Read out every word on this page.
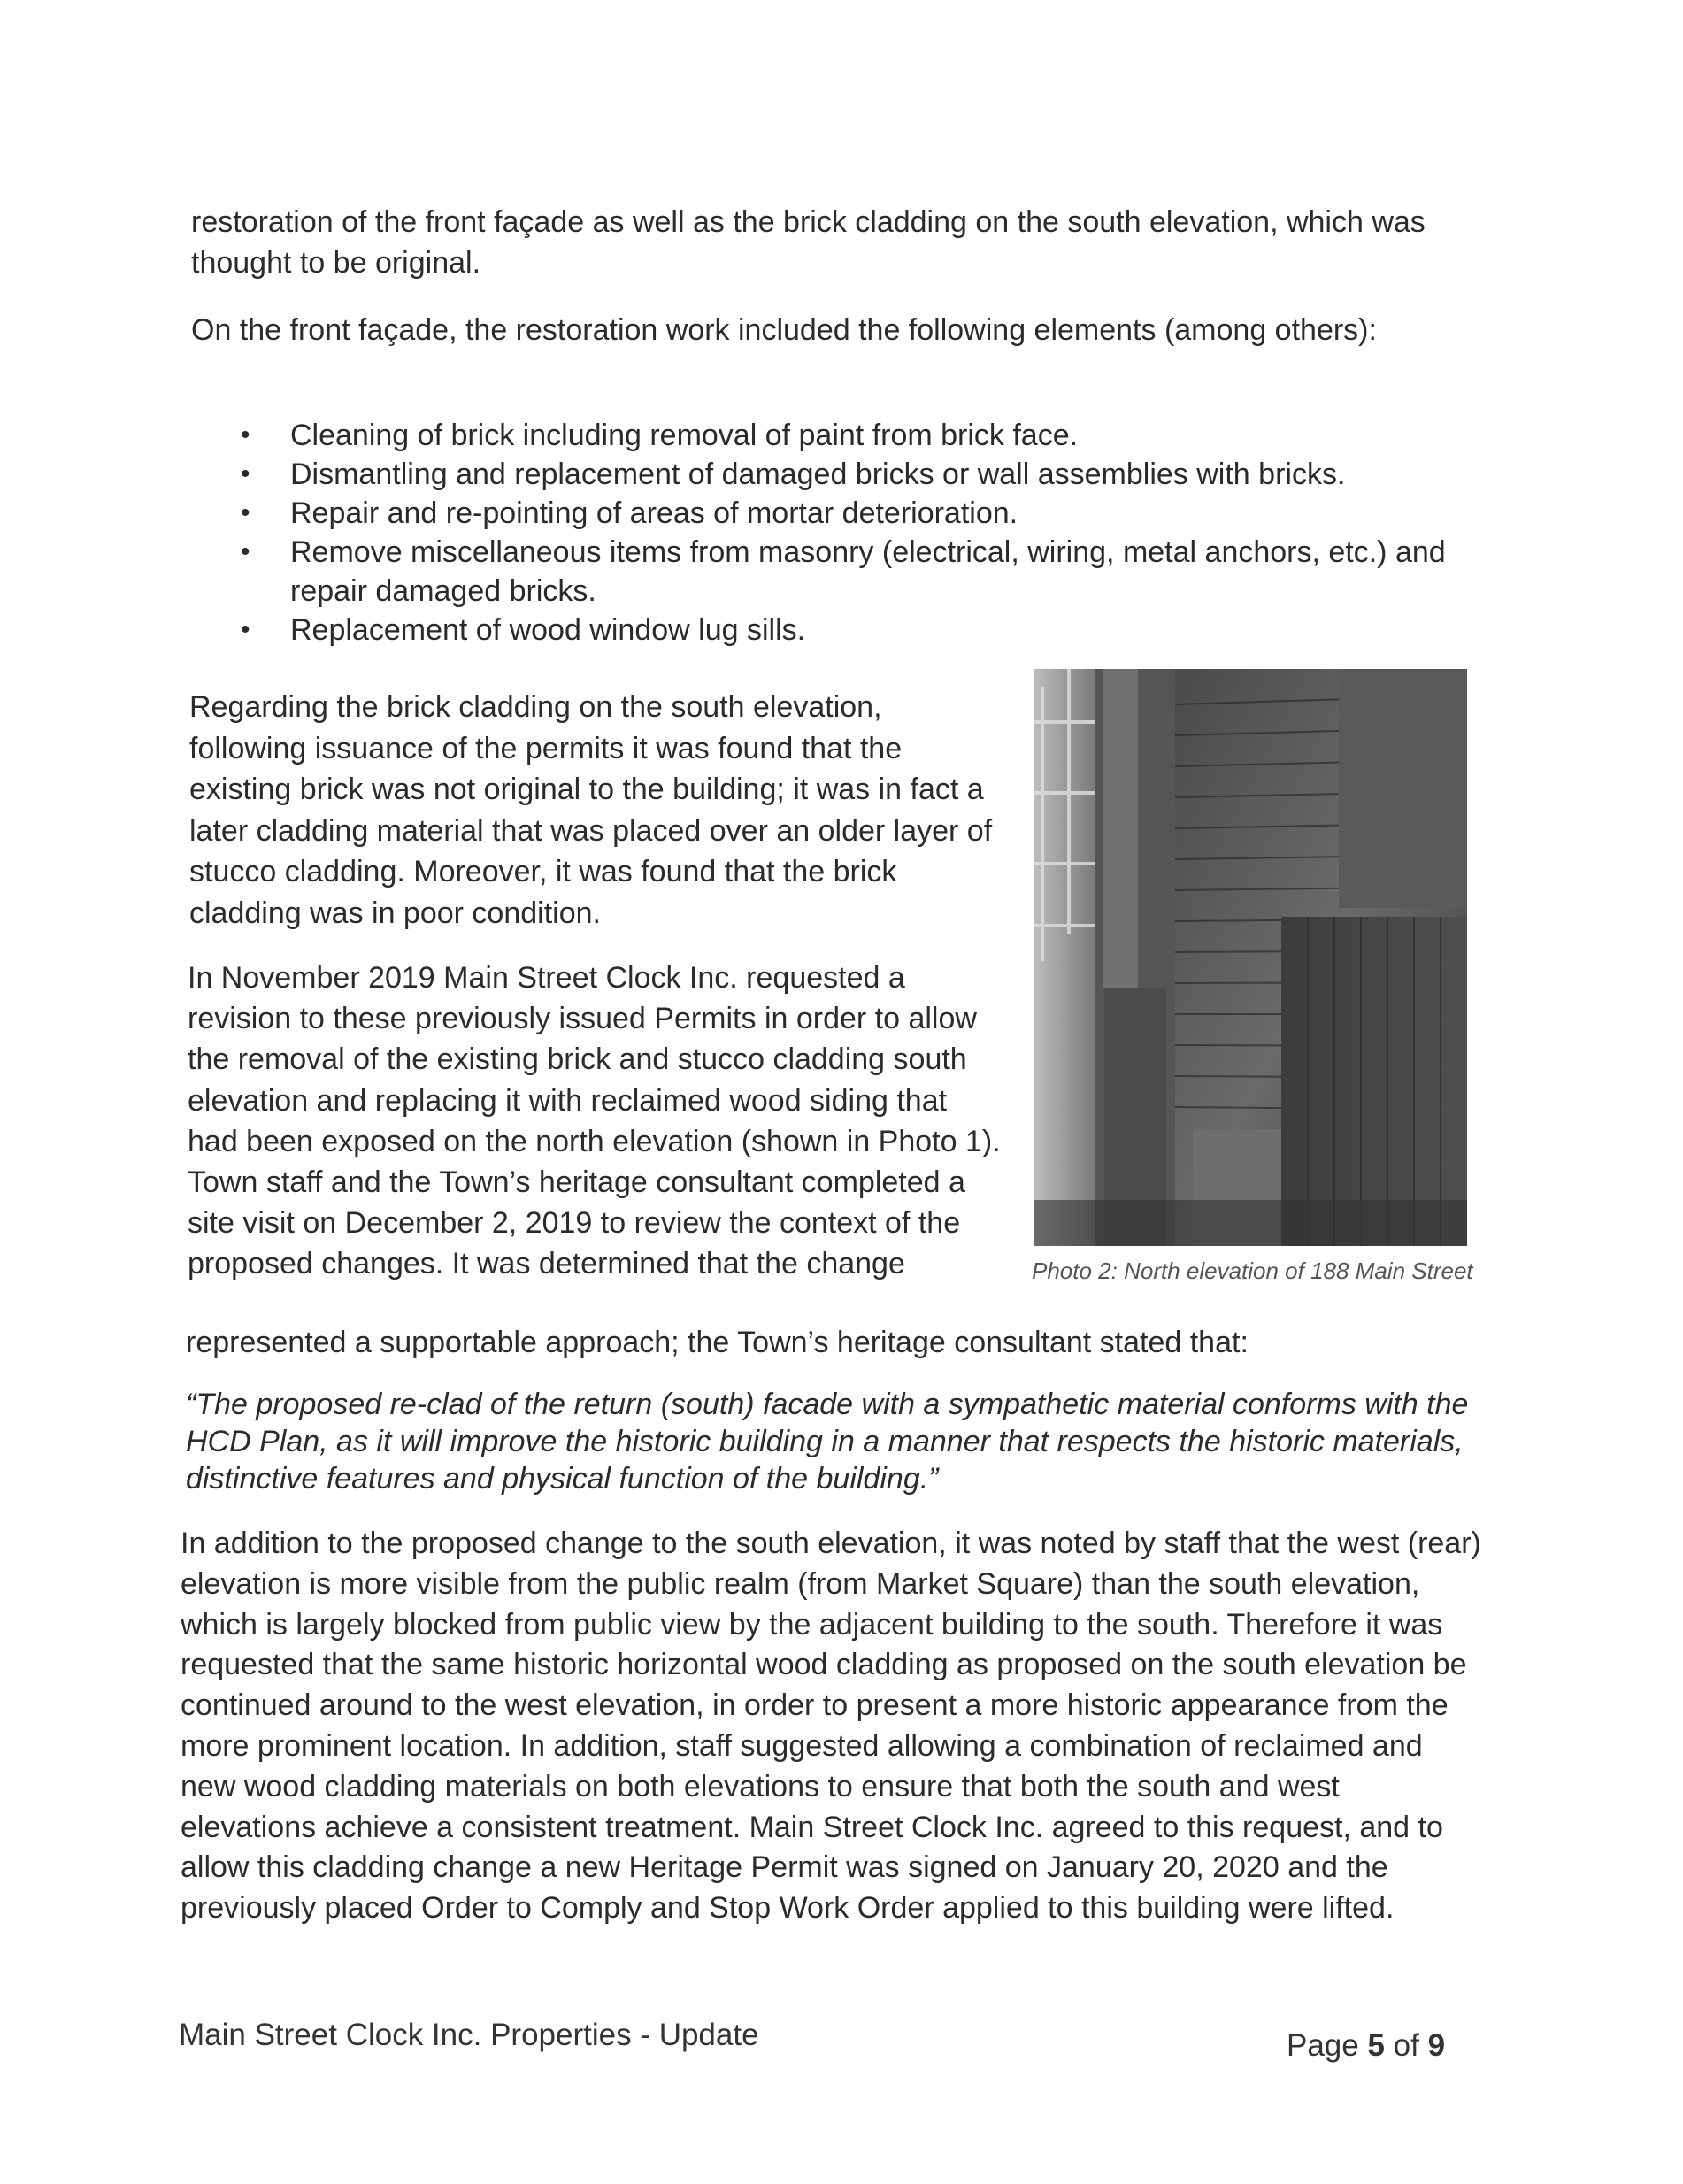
restoration of the front façade as well as the brick cladding on the south elevation, which was thought to be original.

On the front façade, the restoration work included the following elements (among others):

• Cleaning of brick including removal of paint from brick face.
• Dismantling and replacement of damaged bricks or wall assemblies with bricks.
• Repair and re-pointing of areas of mortar deterioration.
• Remove miscellaneous items from masonry (electrical, wiring, metal anchors, etc.) and repair damaged bricks.
• Replacement of wood window lug sills.

Regarding the brick cladding on the south elevation, following issuance of the permits it was found that the existing brick was not original to the building; it was in fact a later cladding material that was placed over an older layer of stucco cladding. Moreover, it was found that the brick cladding was in poor condition.

In November 2019 Main Street Clock Inc. requested a revision to these previously issued Permits in order to allow the removal of the existing brick and stucco cladding south elevation and replacing it with reclaimed wood siding that had been exposed on the north elevation (shown in Photo 1). Town staff and the Town’s heritage consultant completed a site visit on December 2, 2019 to review the context of the proposed changes. It was determined that the change	Photo 2: North elevation of 188 Main Street

represented a supportable approach; the Town’s heritage consultant stated that:

“The proposed re-clad of the return (south) facade with a sympathetic material conforms with the HCD Plan, as it will improve the historic building in a manner that respects the historic materials, distinctive features and physical function of the building.”

In addition to the proposed change to the south elevation, it was noted by staff that the west (rear) elevation is more visible from the public realm (from Market Square) than the south elevation, which is largely blocked from public view by the adjacent building to the south. Therefore it was requested that the same historic horizontal wood cladding as proposed on the south elevation be continued around to the west elevation, in order to present a more historic appearance from the more prominent location. In addition, staff suggested allowing a combination of reclaimed and new wood cladding materials on both elevations to ensure that both the south and west elevations achieve a consistent treatment. Main Street Clock Inc. agreed to this request, and to allow this cladding change a new Heritage Permit was signed on January 20, 2020 and the previously placed Order to Comply and Stop Work Order applied to this building were lifted.

Main Street Clock Inc. Properties - Update	Page 5 of 9
